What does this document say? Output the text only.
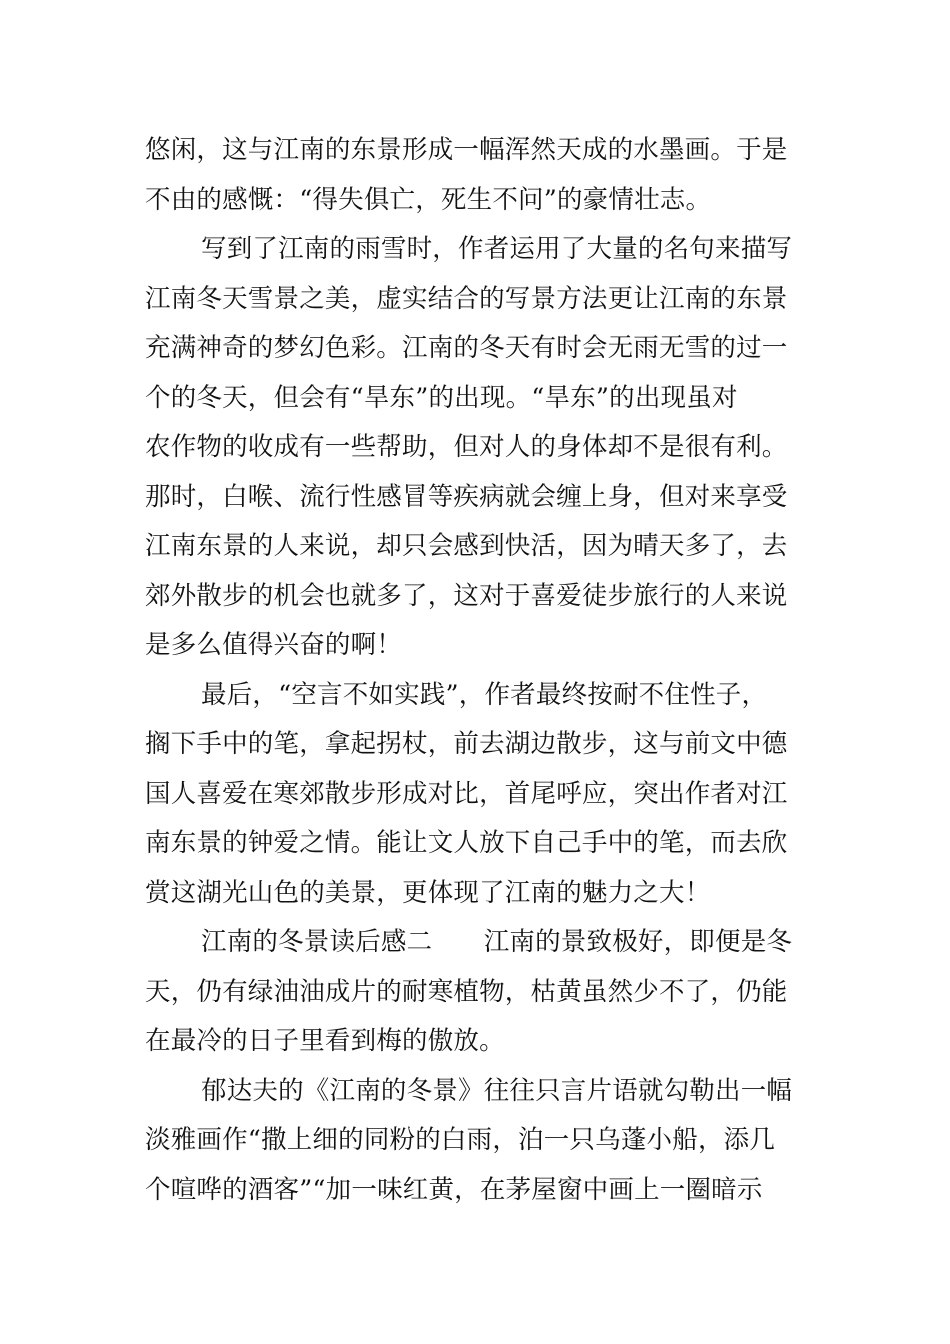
悠闲，这与江南的东景形成一幅浑然天成的水墨画。于是
不由的感慨：“得失俱亡，死生不问”的豪情壮志。
写到了江南的雨雪时，作者运用了大量的名句来描写
江南冬天雪景之美，虚实结合的写景方法更让江南的东景
充满神奇的梦幻色彩。江南的冬天有时会无雨无雪的过一
个的冬天，但会有“旱东”的出现。“旱东”的出现虽对
农作物的收成有一些帮助，但对人的身体却不是很有利。
那时，白喉、流行性感冒等疾病就会缠上身，但对来享受
江南东景的人来说，却只会感到快活，因为晴天多了，去
郊外散步的机会也就多了，这对于喜爱徒步旅行的人来说
是多么值得兴奋的啊！
最后，“空言不如实践”，作者最终按耐不住性子，
搁下手中的笔，拿起拐杖，前去湖边散步，这与前文中德
国人喜爱在寒郊散步形成对比，首尾呼应，突出作者对江
南东景的钟爱之情。能让文人放下自己手中的笔，而去欣
赏这湖光山色的美景，更体现了江南的魅力之大！
江南的冬景读后感二　　江南的景致极好，即便是冬
天，仍有绿油油成片的耐寒植物，枯黄虽然少不了，仍能
在最冷的日子里看到梅的傲放。
郁达夫的《江南的冬景》往往只言片语就勾勒出一幅
淡雅画作“撒上细的同粉的白雨，泊一只乌蓬小船，添几
个喧哗的酒客”“加一味红黄，在茅屋窗中画上一圈暗示
